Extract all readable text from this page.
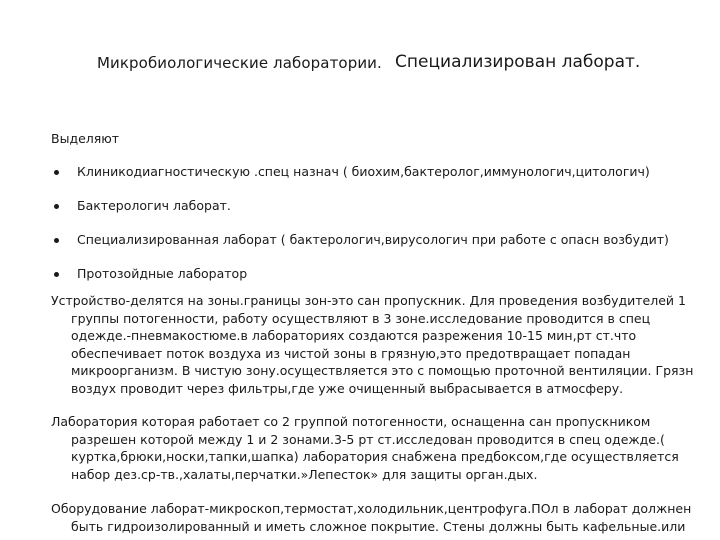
Микробиологические лаборатории. Специализирован лаборат.
Выделяют
Клиникодиагностическую .спец назнач ( биохим,бактеролог,иммунологич,цитологич)
Бактерологич лаборат.
Специализированная лаборат ( бактерологич,вирусологич при работе с опасн возбудит)
Протозойдные лаборатор
Устройство-делятся на зоны.границы зон-это сан пропускник. Для проведения возбудителей 1 группы потогенности, работу осуществляют в 3 зоне.исследование проводится в спец одежде.-пневмакостюме.в лабораториях создаются разрежения 10-15 мин,рт ст.что обеспечивает поток воздуха из чистой зоны в грязную,это предотвращает попадан микроорганизм. В чистую зону.осуществляется это с помощью проточной вентиляции. Грязн воздух проводит через фильтры,где уже очищенный выбрасывается в атмосферу.
Лаборатория которая работает со 2 группой потогенности, оснащенна сан пропускником разрешен которой между 1 и 2 зонами.3-5 рт ст.исследован проводится в спец одежде.( куртка,брюки,носки,тапки,шапка) лаборатория снабжена предбоксом,где осуществляется набор дез.ср-тв.,халаты,перчатки.»Лепесток» для защиты орган.дых.
Оборудование лаборат-микроскоп,термостат,холодильник,центрофуга.ПОл в лаборат должнен быть гидроизолированный и иметь сложное покрытие. Стены должны быть кафельные.или
